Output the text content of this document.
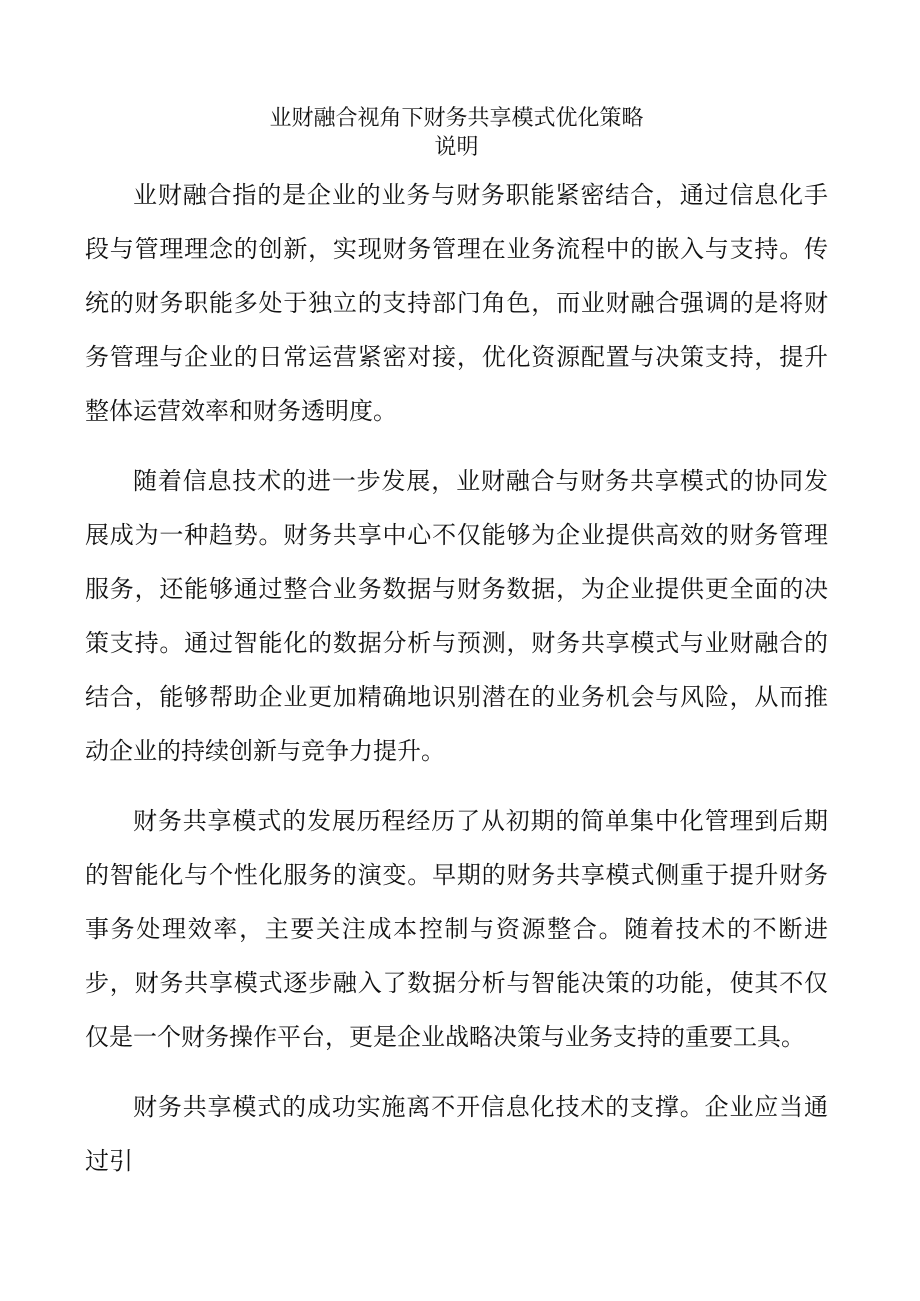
业财融合视角下财务共享模式优化策略
说明

业财融合指的是企业的业务与财务职能紧密结合，通过信息化手段与管理理念的创新，实现财务管理在业务流程中的嵌入与支持。传统的财务职能多处于独立的支持部门角色，而业财融合强调的是将财务管理与企业的日常运营紧密对接，优化资源配置与决策支持，提升整体运营效率和财务透明度。

随着信息技术的进一步发展，业财融合与财务共享模式的协同发展成为一种趋势。财务共享中心不仅能够为企业提供高效的财务管理服务，还能够通过整合业务数据与财务数据，为企业提供更全面的决策支持。通过智能化的数据分析与预测，财务共享模式与业财融合的结合，能够帮助企业更加精确地识别潜在的业务机会与风险，从而推动企业的持续创新与竞争力提升。

财务共享模式的发展历程经历了从初期的简单集中化管理到后期的智能化与个性化服务的演变。早期的财务共享模式侧重于提升财务事务处理效率，主要关注成本控制与资源整合。随着技术的不断进步，财务共享模式逐步融入了数据分析与智能决策的功能，使其不仅仅是一个财务操作平台，更是企业战略决策与业务支持的重要工具。

财务共享模式的成功实施离不开信息化技术的支撑。企业应当通过引
